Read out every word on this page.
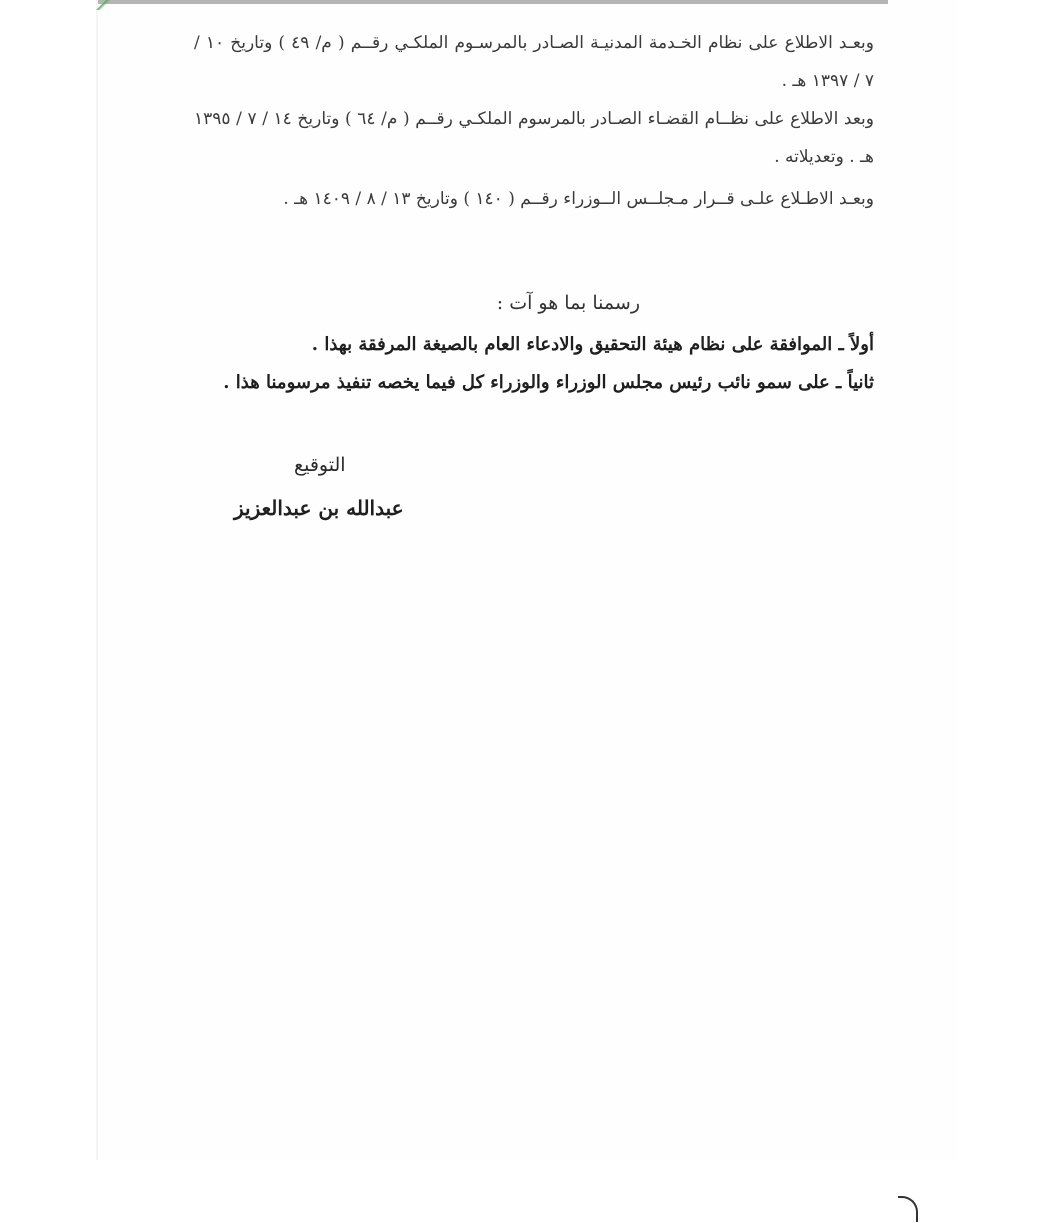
وبعـد الاطلاع على نظام الخـدمة المدنيـة الصـادر بالمرسـوم الملكـي رقــم ( م/ ٤٩ ) وتاريخ ١٠ / ٧ / ١٣٩٧ هـ .
وبعد الاطلاع على نظــام القضـاء الصـادر بالمرسوم الملكـي رقــم ( م/ ٦٤ ) وتاريخ ١٤ / ٧ / ١٣٩٥ هـ . وتعديلاته .
وبعـد الاطـلاع علـى قــرار مـجلــس الــوزراء رقــم ( ١٤٠ ) وتاريخ ١٣ / ٨ / ١٤٠٩ هـ .
رسمنا بما هو آت :
أولاً ـ الموافقة على نظام هيئة التحقيق والادعاء العام بالصيغة المرفقة بهذا .
ثانياً ـ على سمو نائب رئيس مجلس الوزراء والوزراء كل فيما يخصه تنفيذ مرسومنا هذا .
التوقيع
عبدالله بن عبدالعزيز
